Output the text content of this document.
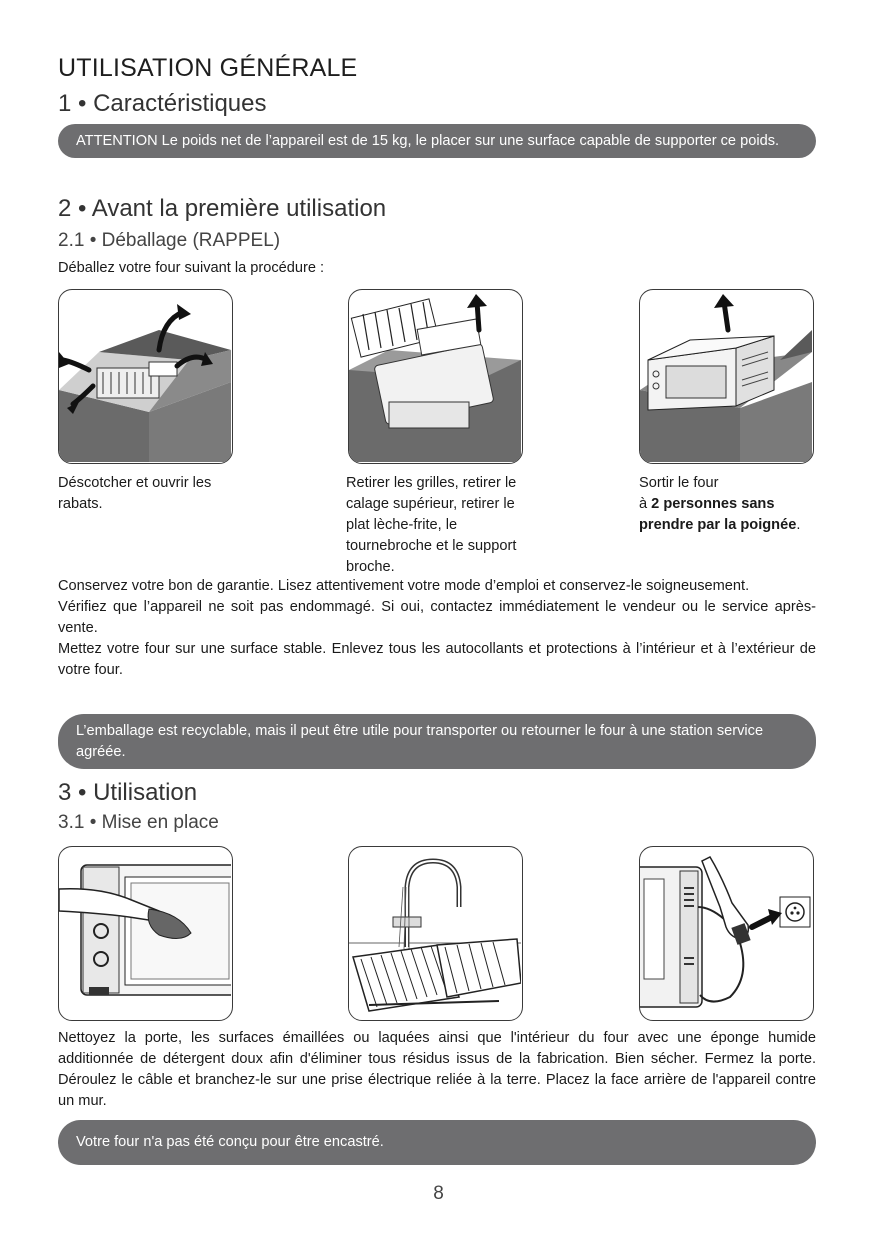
UTILISATION GÉNÉRALE
1 • Caractéristiques
ATTENTION Le poids net de l’appareil est de 15 kg, le placer sur une surface capable de supporter ce poids.
2 • Avant la première utilisation
2.1 • Déballage (RAPPEL)
Déballez votre four suivant la procédure :
Déscotcher et ouvrir les rabats.
Retirer les grilles, retirer le calage supérieur, retirer le plat lèche-frite, le tournebroche et le support broche.
Sortir le four
à 2 personnes sans prendre par la poignée.

Conservez votre bon de garantie. Lisez attentivement votre mode d’emploi et conservez-le soigneusement.

Vérifiez que l’appareil ne soit pas endommagé. Si oui, contactez immédiatement le vendeur ou le service après-vente.

Mettez votre four sur une surface stable. Enlevez tous les autocollants et protections à l’intérieur et à l’extérieur de votre four.

L’emballage est recyclable, mais il peut être utile pour transporter ou retourner le four à une station service agréée.
3 • Utilisation
3.1 • Mise en place
Nettoyez la porte, les surfaces émaillées ou laquées ainsi que l'intérieur du four avec une éponge humide additionnée de détergent doux afin d'éliminer tous résidus issus de la fabrication. Bien sécher. Fermez la porte. Déroulez le câble et branchez-le sur une prise électrique reliée à la terre. Placez la face arrière de l'appareil contre un mur.
Votre four n'a pas été conçu pour être encastré.
8
